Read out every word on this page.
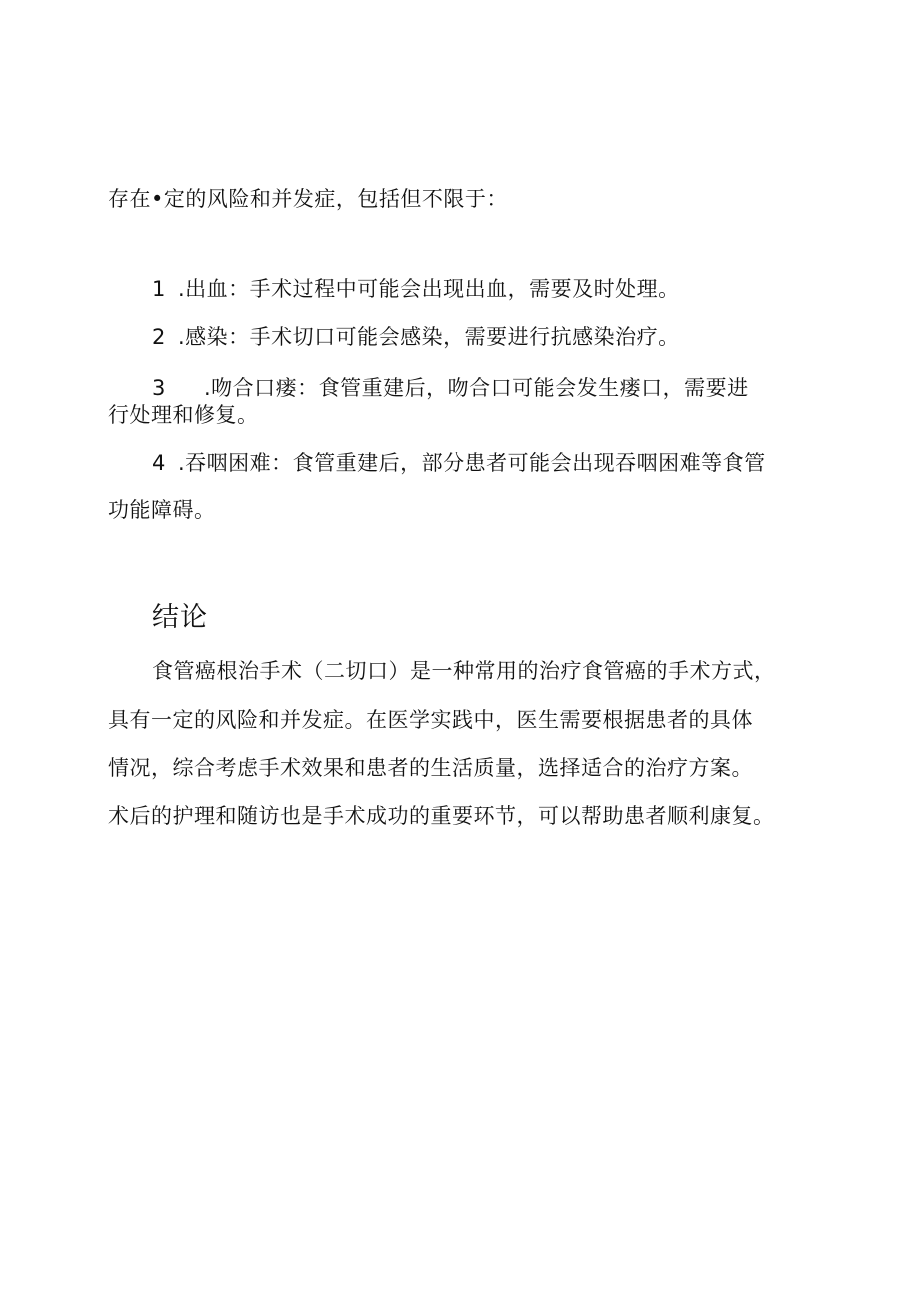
存在•定的风险和并发症，包括但不限于：
1 .出血：手术过程中可能会出现出血，需要及时处理。
2 .感染：手术切口可能会感染，需要进行抗感染治疗。
3 .吻合口瘘：食管重建后，吻合口可能会发生瘘口，需要进
行处理和修复。
4 .吞咽困难：食管重建后，部分患者可能会出现吞咽困难等食管
功能障碍。
结论
食管癌根治手术（二切口）是一种常用的治疗食管癌的手术方式，
具有一定的风险和并发症。在医学实践中，医生需要根据患者的具体
情况，综合考虑手术效果和患者的生活质量，选择适合的治疗方案。
术后的护理和随访也是手术成功的重要环节，可以帮助患者顺利康复。
